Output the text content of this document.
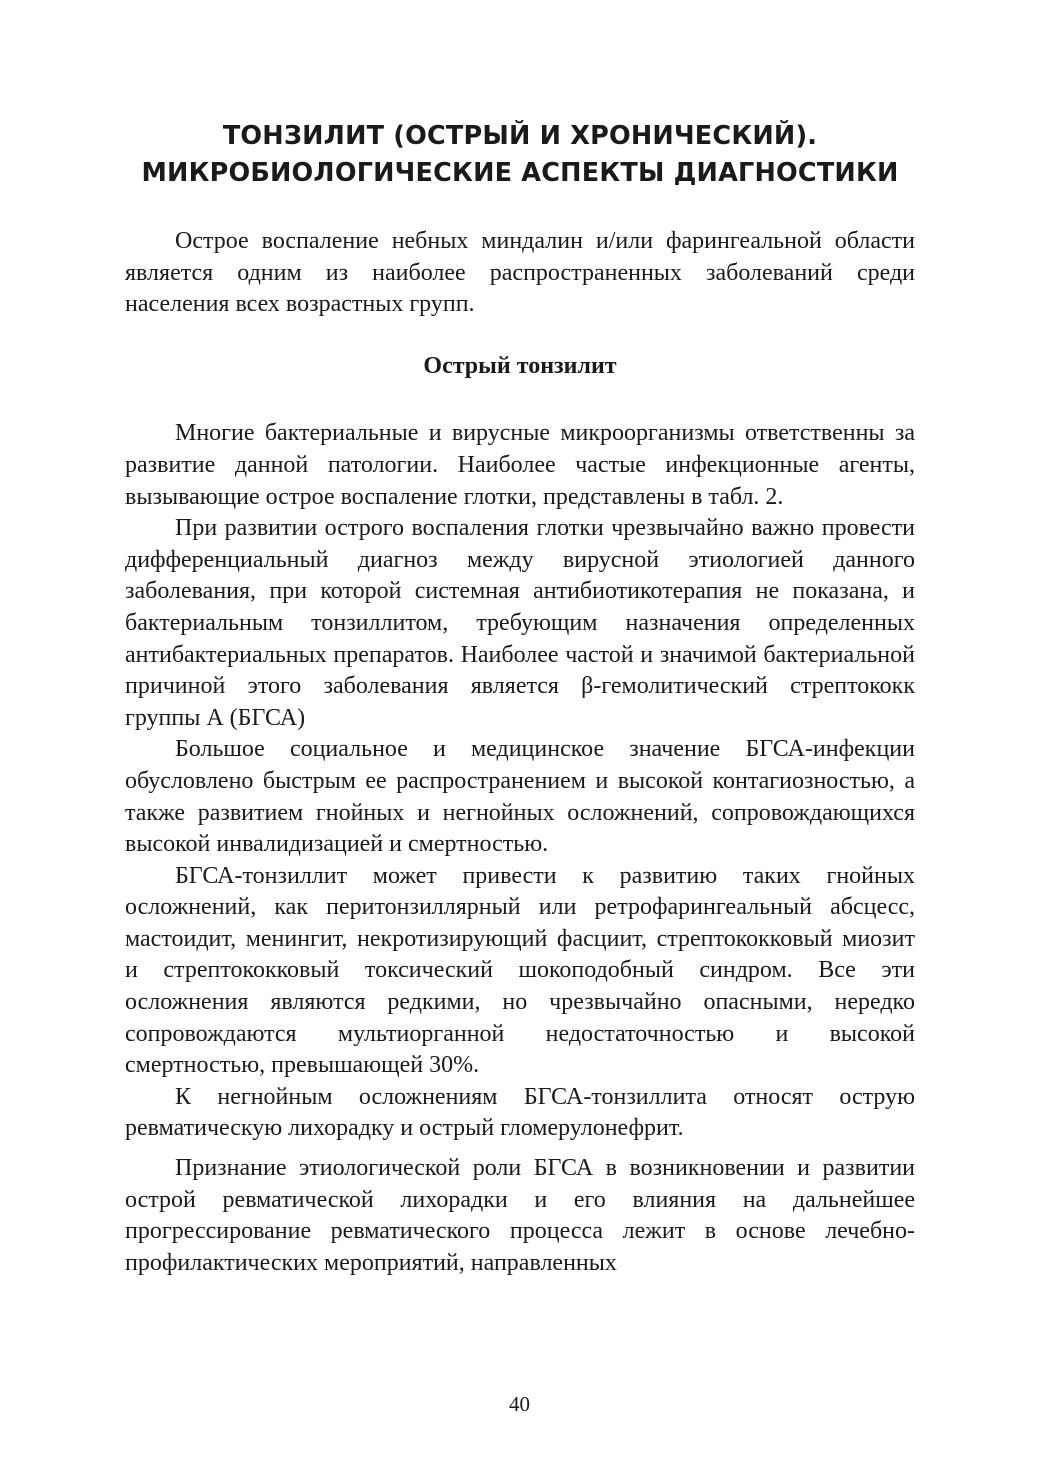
ТОНЗИЛИТ (ОСТРЫЙ И ХРОНИЧЕСКИЙ).
МИКРОБИОЛОГИЧЕСКИЕ АСПЕКТЫ ДИАГНОСТИКИ

Острое воспаление небных миндалин и/или фарингеальной области является одним из наиболее распространенных заболеваний среди населения всех возрастных групп.

Острый тонзилит

Многие бактериальные и вирусные микроорганизмы ответственны за развитие данной патологии. Наиболее частые инфекционные агенты, вызывающие острое воспаление глотки, представлены в табл. 2.

При развитии острого воспаления глотки чрезвычайно важно провести дифференциальный диагноз между вирусной этиологией данного заболевания, при которой системная антибиотикотерапия не показана, и бактериальным тонзиллитом, требующим назначения определенных антибактериальных препаратов. Наиболее частой и значимой бактериальной причиной этого заболевания является β-гемолитический стрептококк группы А (БГСА)

Большое социальное и медицинское значение БГСА-инфекции обусловлено быстрым ее распространением и высокой контагиозностью, а также развитием гнойных и негнойных осложнений, сопровождающихся высокой инвалидизацией и смертностью.

БГСА-тонзиллит может привести к развитию таких гнойных осложнений, как перитонзиллярный или ретрофарингеальный абсцесс, мастоидит, менингит, некротизирующий фасциит, стрептококковый миозит и стрептококковый токсический шокоподобный синдром. Все эти осложнения являются редкими, но чрезвычайно опасными, нередко сопровождаются мультиорганной недостаточностью и высокой смертностью, превышающей 30%.

К негнойным осложнениям БГСА-тонзиллита относят острую ревматическую лихорадку и острый гломерулонефрит.

Признание этиологической роли БГСА в возникновении и развитии острой ревматической лихорадки и его влияния на дальнейшее прогрессирование ревматического процесса лежит в основе лечебно-профилактических мероприятий, направленных

40
